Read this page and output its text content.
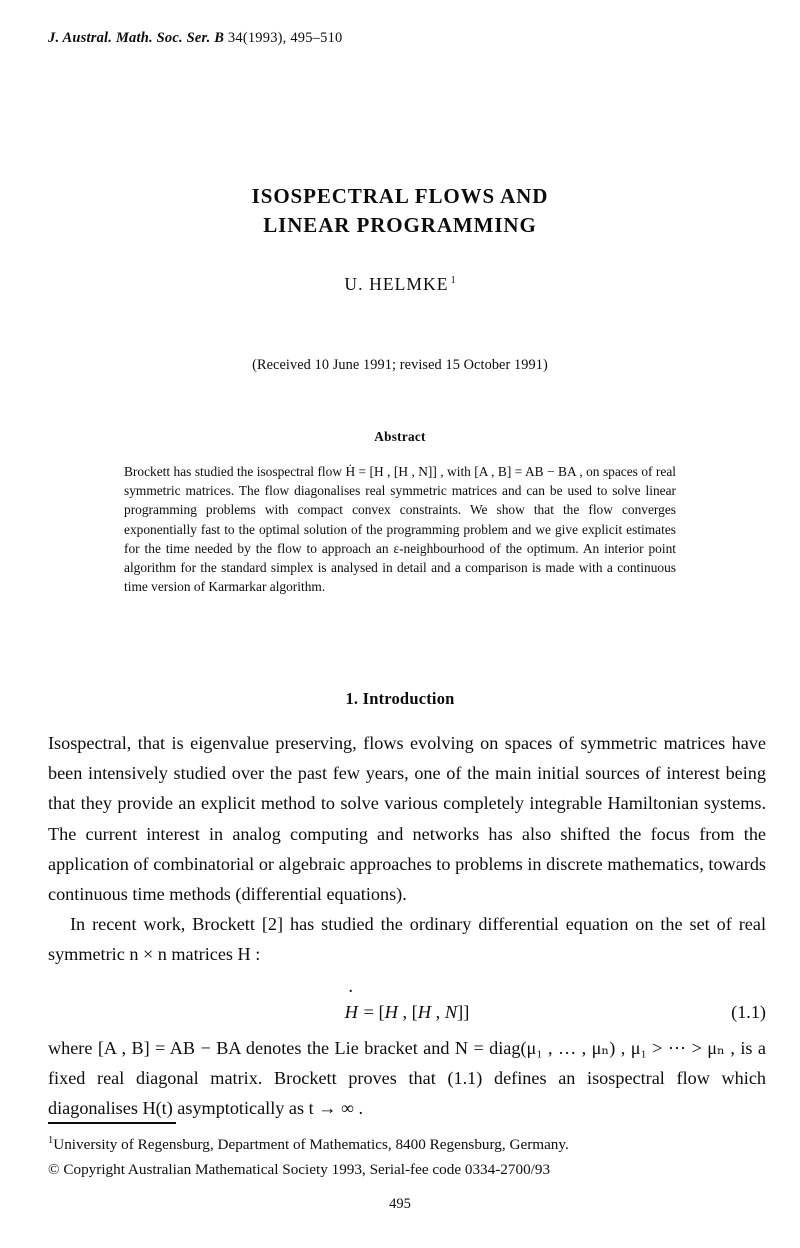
J. Austral. Math. Soc. Ser. B 34(1993), 495–510
ISOSPECTRAL FLOWS AND
LINEAR PROGRAMMING
U. HELMKE $^1$
(Received 10 June 1991; revised 15 October 1991)
Abstract

Brockett has studied the isospectral flow Ḣ = [H , [H , N]] , with [A , B] = AB − BA , on spaces of real symmetric matrices. The flow diagonalises real symmetric matrices and can be used to solve linear programming problems with compact convex constraints. We show that the flow converges exponentially fast to the optimal solution of the programming problem and we give explicit estimates for the time needed by the flow to approach an ε-neighbourhood of the optimum. An interior point algorithm for the standard simplex is analysed in detail and a comparison is made with a continuous time version of Karmarkar algorithm.

1. Introduction

Isospectral, that is eigenvalue preserving, flows evolving on spaces of symmetric matrices have been intensively studied over the past few years, one of the main initial sources of interest being that they provide an explicit method to solve various completely integrable Hamiltonian systems. The current interest in analog computing and networks has also shifted the focus from the application of combinatorial or algebraic approaches to problems in discrete mathematics, towards continuous time methods (differential equations).

In recent work, Brockett [2] has studied the ordinary differential equation on the set of real symmetric n × n matrices H :

H · = [H , [H , N]]	(1.1)

where [A , B] = AB − BA denotes the Lie bracket and N = diag(μ₁ , … , μₙ) , μ₁ > ⋯ > μₙ , is a fixed real diagonal matrix. Brockett proves that (1.1) defines an isospectral flow which diagonalises H(t) asymptotically as t → ∞ .

$^1$University of Regensburg, Department of Mathematics, 8400 Regensburg, Germany.

© Copyright Australian Mathematical Society 1993, Serial-fee code 0334-2700/93

495
